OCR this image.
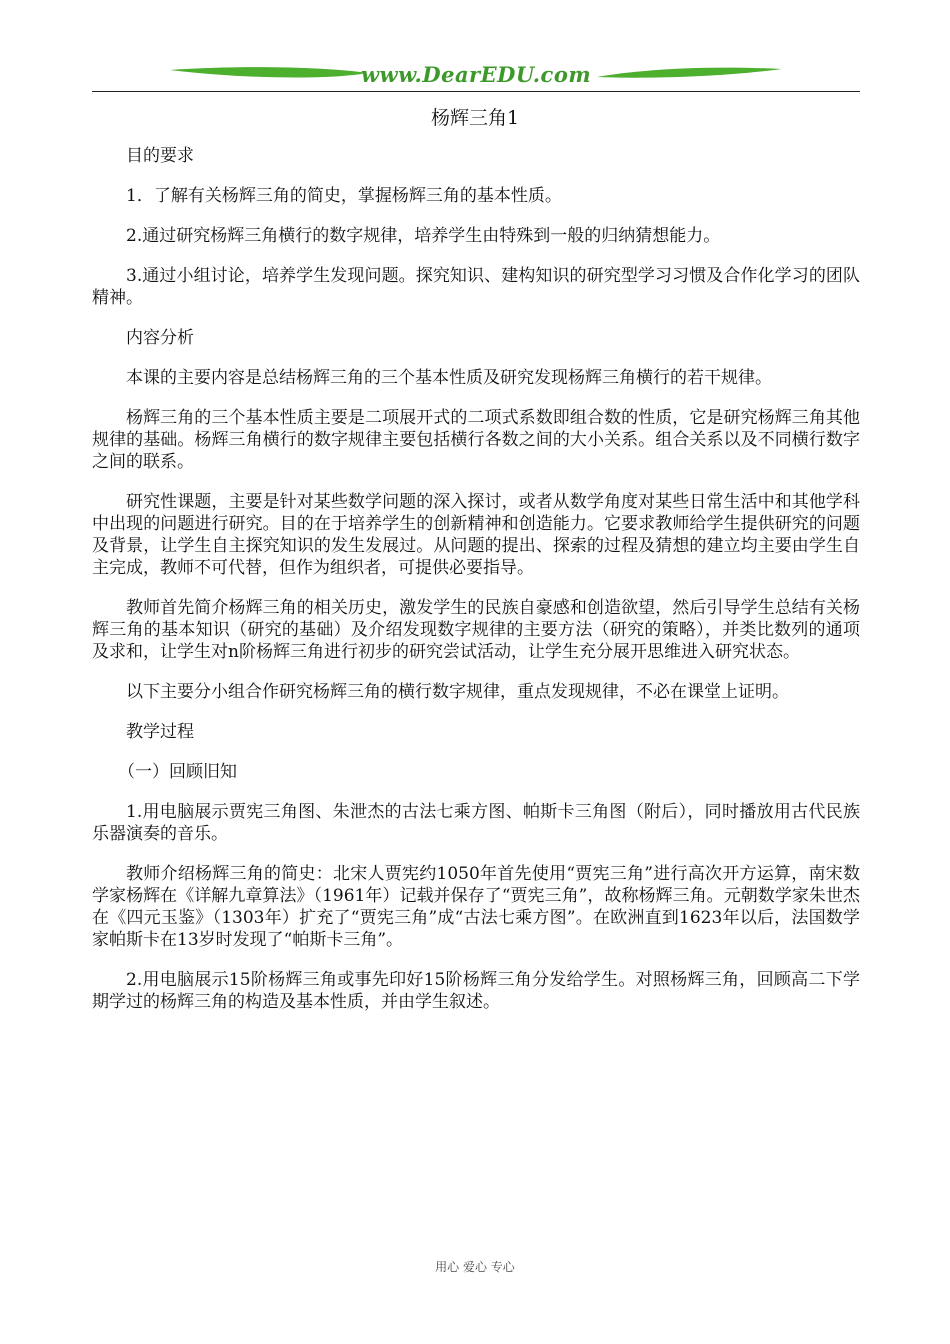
www.DearEDU.com
杨辉三角1

目的要求

1．了解有关杨辉三角的简史，掌握杨辉三角的基本性质。

2.通过研究杨辉三角横行的数字规律，培养学生由特殊到一般的归纳猜想能力。

3.通过小组讨论，培养学生发现问题。探究知识、建构知识的研究型学习习惯及合作化学习的团队精神。

内容分析

本课的主要内容是总结杨辉三角的三个基本性质及研究发现杨辉三角横行的若干规律。

杨辉三角的三个基本性质主要是二项展开式的二项式系数即组合数的性质，它是研究杨辉三角其他规律的基础。杨辉三角横行的数字规律主要包括横行各数之间的大小关系。组合关系以及不同横行数字之间的联系。

研究性课题，主要是针对某些数学问题的深入探讨，或者从数学角度对某些日常生活中和其他学科中出现的问题进行研究。目的在于培养学生的创新精神和创造能力。它要求教师给学生提供研究的问题及背景，让学生自主探究知识的发生发展过。从问题的提出、探索的过程及猜想的建立均主要由学生自主完成，教师不可代替，但作为组织者，可提供必要指导。

教师首先简介杨辉三角的相关历史，激发学生的民族自豪感和创造欲望，然后引导学生总结有关杨辉三角的基本知识（研究的基础）及介绍发现数字规律的主要方法（研究的策略），并类比数列的通项及求和，让学生对n阶杨辉三角进行初步的研究尝试活动，让学生充分展开思维进入研究状态。

以下主要分小组合作研究杨辉三角的横行数字规律，重点发现规律，不必在课堂上证明。

教学过程

（一）回顾旧知

1.用电脑展示贾宪三角图、朱泄杰的古法七乘方图、帕斯卡三角图（附后），同时播放用古代民族乐器演奏的音乐。

教师介绍杨辉三角的简史：北宋人贾宪约1050年首先使用“贾宪三角”进行高次开方运算，南宋数学家杨辉在《详解九章算法》（1961年）记载并保存了“贾宪三角”，故称杨辉三角。元朝数学家朱世杰在《四元玉鉴》（1303年）扩充了“贾宪三角”成“古法七乘方图”。在欧洲直到1623年以后，法国数学家帕斯卡在13岁时发现了“帕斯卡三角”。

2.用电脑展示15阶杨辉三角或事先印好15阶杨辉三角分发给学生。对照杨辉三角，回顾高二下学期学过的杨辉三角的构造及基本性质，并由学生叙述。

用心 爱心 专心
